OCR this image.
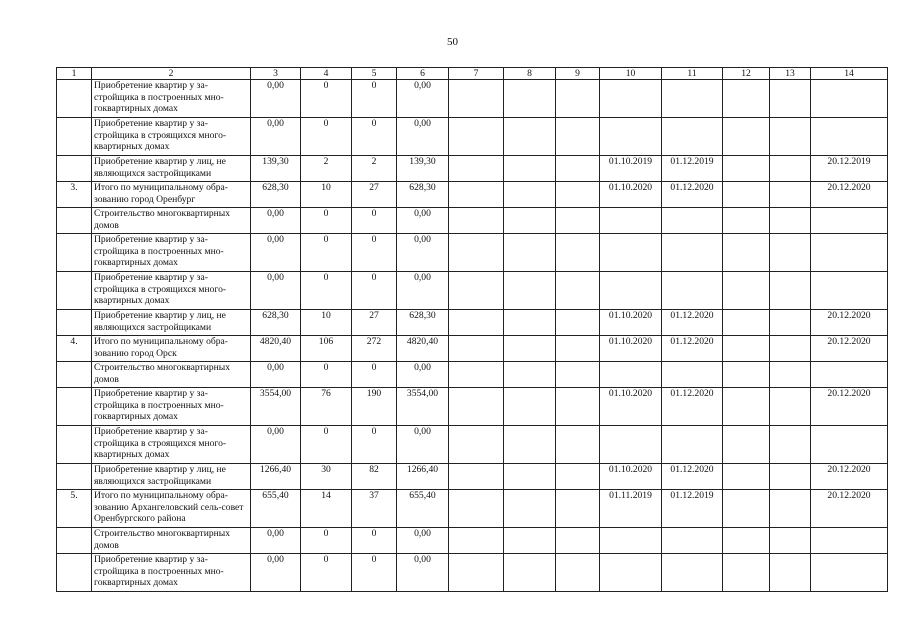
50
1	2	3	4	5	6	7	8	9	10	11	12	13	14
	Приобретение квартир у за-стройщика в построенных мно-гоквартирных домах	0,00	0	0	0,00								
	Приобретение квартир у за-стройщика в строящихся много-квартирных домах	0,00	0	0	0,00								
	Приобретение квартир у лиц, не являющихся застройщиками	139,30	2	2	139,30				01.10.2019	01.12.2019			20.12.2019
3.	Итого по муниципальному обра-зованию город Оренбург	628,30	10	27	628,30				01.10.2020	01.12.2020			20.12.2020
	Строительство многоквартирных домов	0,00	0	0	0,00								
	Приобретение квартир у за-стройщика в построенных мно-гоквартирных домах	0,00	0	0	0,00								
	Приобретение квартир у за-стройщика в строящихся много-квартирных домах	0,00	0	0	0,00								
	Приобретение квартир у лиц, не являющихся застройщиками	628,30	10	27	628,30				01.10.2020	01.12.2020			20.12.2020
4.	Итого по муниципальному обра-зованию город Орск	4820,40	106	272	4820,40				01.10.2020	01.12.2020			20.12.2020
	Строительство многоквартирных домов	0,00	0	0	0,00								
	Приобретение квартир у за-стройщика в построенных мно-гоквартирных домах	3554,00	76	190	3554,00				01.10.2020	01.12.2020			20.12.2020
	Приобретение квартир у за-стройщика в строящихся много-квартирных домах	0,00	0	0	0,00								
	Приобретение квартир у лиц, не являющихся застройщиками	1266,40	30	82	1266,40				01.10.2020	01.12.2020			20.12.2020
5.	Итого по муниципальному обра-зованию Архангеловский сель-совет Оренбургского района	655,40	14	37	655,40				01.11.2019	01.12.2019			20.12.2020
	Строительство многоквартирных домов	0,00	0	0	0,00								
	Приобретение квартир у за-стройщика в построенных мно-гоквартирных домах	0,00	0	0	0,00								
